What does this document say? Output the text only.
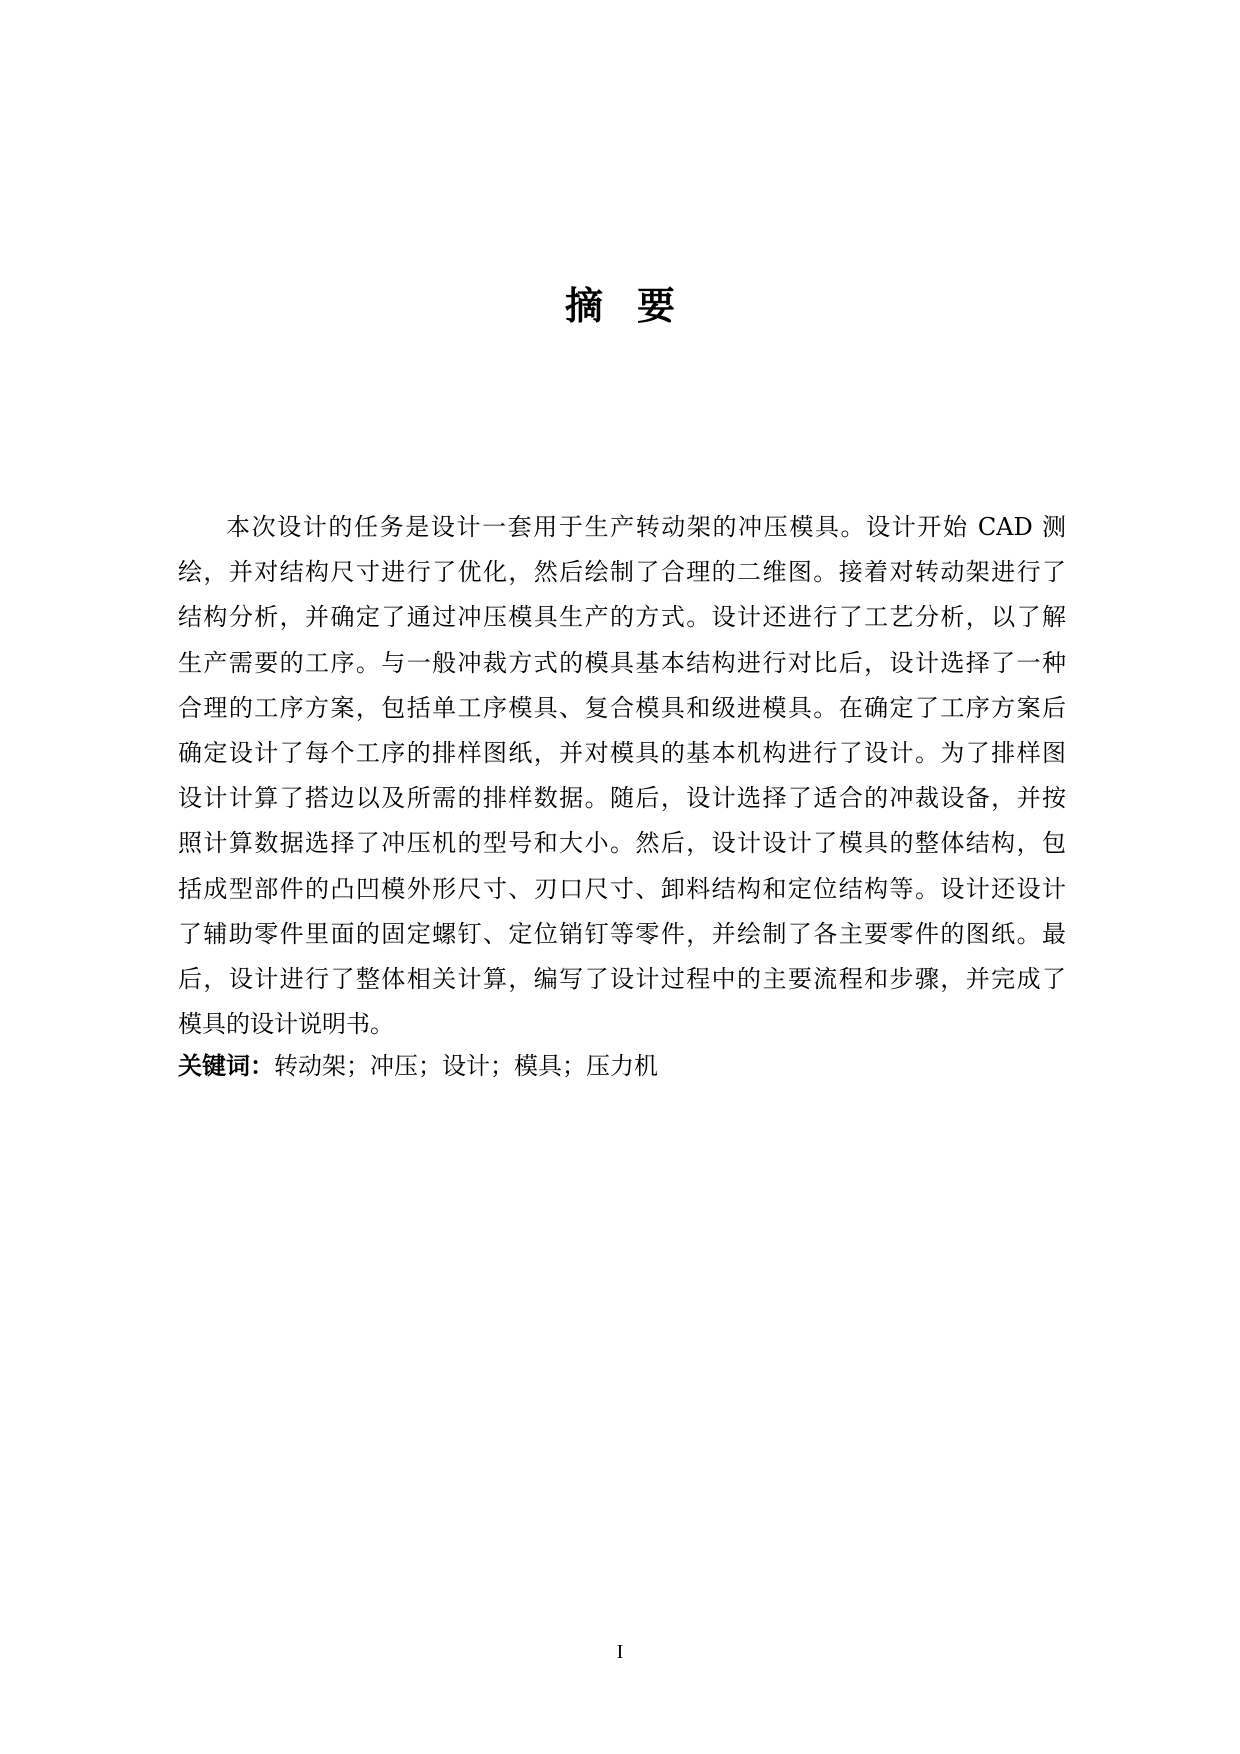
摘 要
本次设计的任务是设计一套用于生产转动架的冲压模具。设计开始 CAD 测
绘，并对结构尺寸进行了优化，然后绘制了合理的二维图。接着对转动架进行了
结构分析，并确定了通过冲压模具生产的方式。设计还进行了工艺分析，以了解
生产需要的工序。与一般冲裁方式的模具基本结构进行对比后，设计选择了一种
合理的工序方案，包括单工序模具、复合模具和级进模具。在确定了工序方案后
确定设计了每个工序的排样图纸，并对模具的基本机构进行了设计。为了排样图
设计计算了搭边以及所需的排样数据。随后，设计选择了适合的冲裁设备，并按
照计算数据选择了冲压机的型号和大小。然后，设计设计了模具的整体结构，包
括成型部件的凸凹模外形尺寸、刃口尺寸、卸料结构和定位结构等。设计还设计
了辅助零件里面的固定螺钉、定位销钉等零件，并绘制了各主要零件的图纸。最
后，设计进行了整体相关计算，编写了设计过程中的主要流程和步骤，并完成了
模具的设计说明书。

关键词：转动架；冲压；设计；模具；压力机

I
